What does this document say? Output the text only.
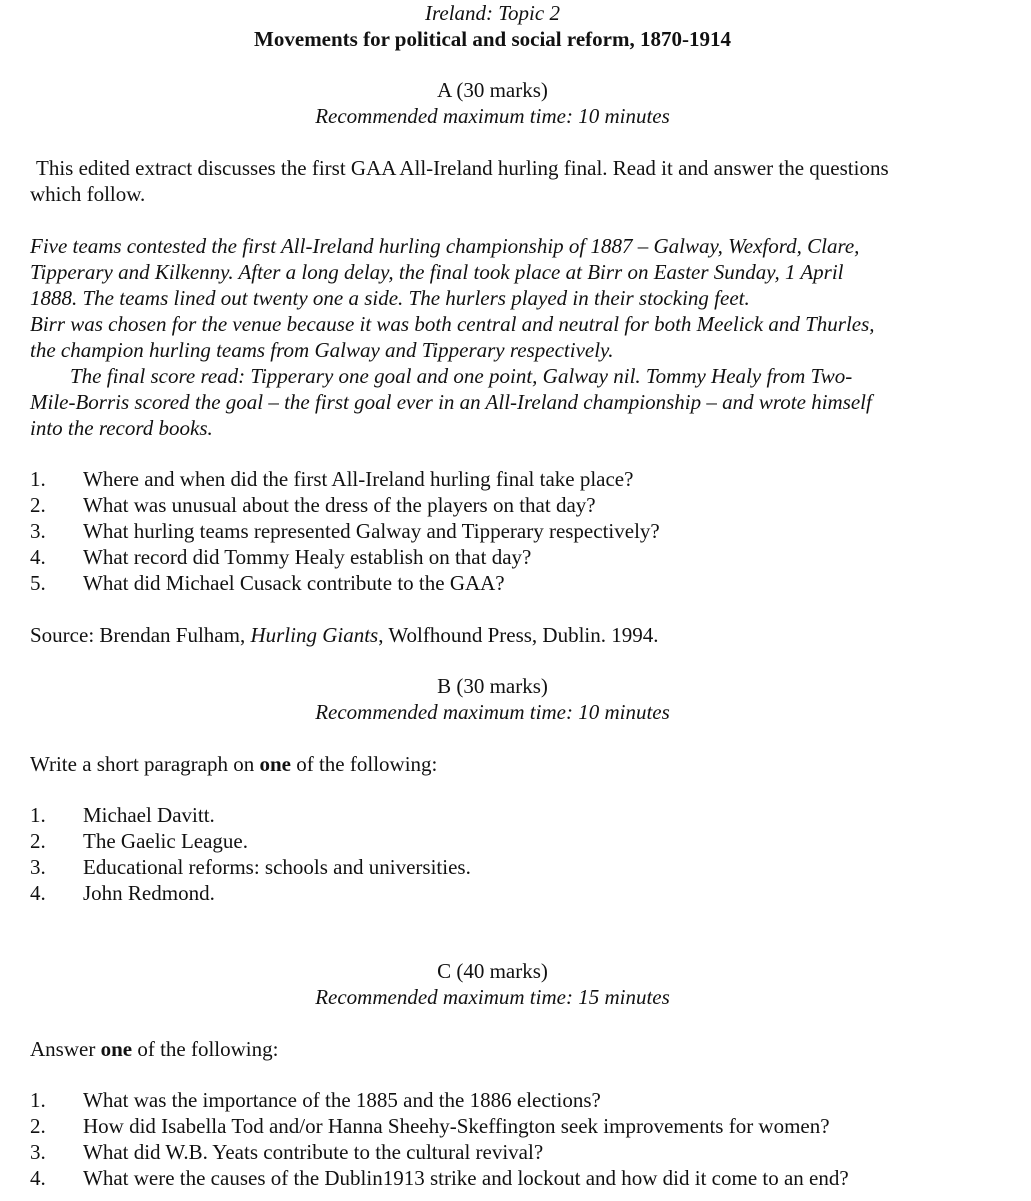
Ireland: Topic 2
Movements for political and social reform, 1870-1914
A (30 marks)
Recommended maximum time: 10 minutes
This edited extract discusses the first GAA All-Ireland hurling final. Read it and answer the questions
which follow.
Five teams contested the first All-Ireland hurling championship of 1887 – Galway, Wexford, Clare,
Tipperary and Kilkenny. After a long delay, the final took place at Birr on Easter Sunday, 1 April
1888. The teams lined out twenty one a side. The hurlers played in their stocking feet.
Birr was chosen for the venue because it was both central and neutral for both Meelick and Thurles,
the champion hurling teams from Galway and Tipperary respectively.
The final score read: Tipperary one goal and one point, Galway nil. Tommy Healy from Two-
Mile-Borris scored the goal – the first goal ever in an All-Ireland championship – and wrote himself
into the record books.
1. Where and when did the first All-Ireland hurling final take place?
2. What was unusual about the dress of the players on that day?
3. What hurling teams represented Galway and Tipperary respectively?
4. What record did Tommy Healy establish on that day?
5. What did Michael Cusack contribute to the GAA?
Source: Brendan Fulham, Hurling Giants, Wolfhound Press, Dublin. 1994.
B (30 marks)
Recommended maximum time: 10 minutes
Write a short paragraph on one of the following:
1. Michael Davitt.
2. The Gaelic League.
3. Educational reforms: schools and universities.
4. John Redmond.
C (40 marks)
Recommended maximum time: 15 minutes
Answer one of the following:
1. What was the importance of the 1885 and the 1886 elections?
2. How did Isabella Tod and/or Hanna Sheehy-Skeffington seek improvements for women?
3. What did W.B. Yeats contribute to the cultural revival?
4. What were the causes of the Dublin1913 strike and lockout and how did it come to an end?
